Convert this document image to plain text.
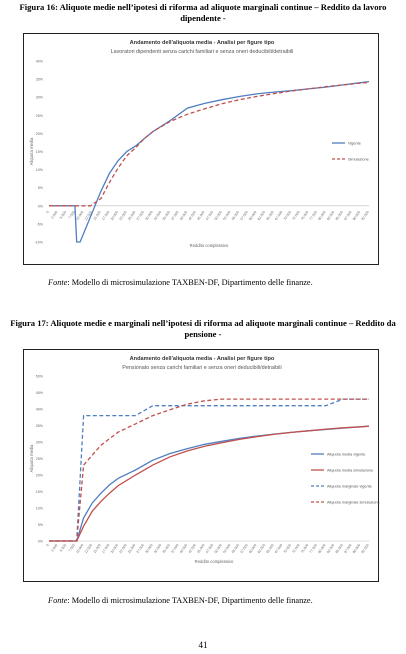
Figura 16: Aliquote medie nell’ipotesi di riforma ad aliquote marginali continue – Reddito da lavoro dipendente -
Andamento dell'aliquota media - Analisi per figure tipo
Lavoratori dipendenti senza carichi familiari e senza oneri deducibili/detraibili
40%
35%
30%
25%
20%
15%
10%
5%
0%
-5%
-10%
0 2.500 5.000 7.500 10.000 12.500 15.000 17.500 20.000 22.500 25.000 27.500 30.000 32.500 35.000 37.500 40.000 42.500 45.000 47.500 50.000 52.500 55.000 57.500 60.000 62.500 65.000 67.500 70.000 72.500 75.000 77.500 80.000 82.500 85.000 87.500 90.000 92.500
Aliquota media
Reddito complessivo
Vigente
Simulazione
Fonte: Modello di microsimulazione TAXBEN-DF, Dipartimento delle finanze.
Figura 17: Aliquote medie e marginali nell’ipotesi di riforma ad aliquote marginali continue – Reddito da pensione -
Andamento dell'aliquota media - Analisi per figure tipo
Pensionato senza carichi familiari e senza oneri deducibili/detraibili
50%
45%
40%
35%
30%
25%
20%
15%
10%
5%
0%
0 2.500 5.000 7.500 10.000 12.500 15.000 17.500 20.000 22.500 25.000 27.500 30.000 32.500 35.000 37.500 40.000 42.500 45.000 47.500 50.000 52.500 55.000 57.500 60.000 62.500 65.000 67.500 70.000 72.500 75.000 77.500 80.000 82.500 85.000 87.500 90.000 92.500
Aliquota media
Reddito complessivo
Aliquota media vigente
Aliquota media simulazione
Aliquota marginale vigente
Aliquota marginale simulazione
Fonte: Modello di microsimulazione TAXBEN-DF, Dipartimento delle finanze.
41
